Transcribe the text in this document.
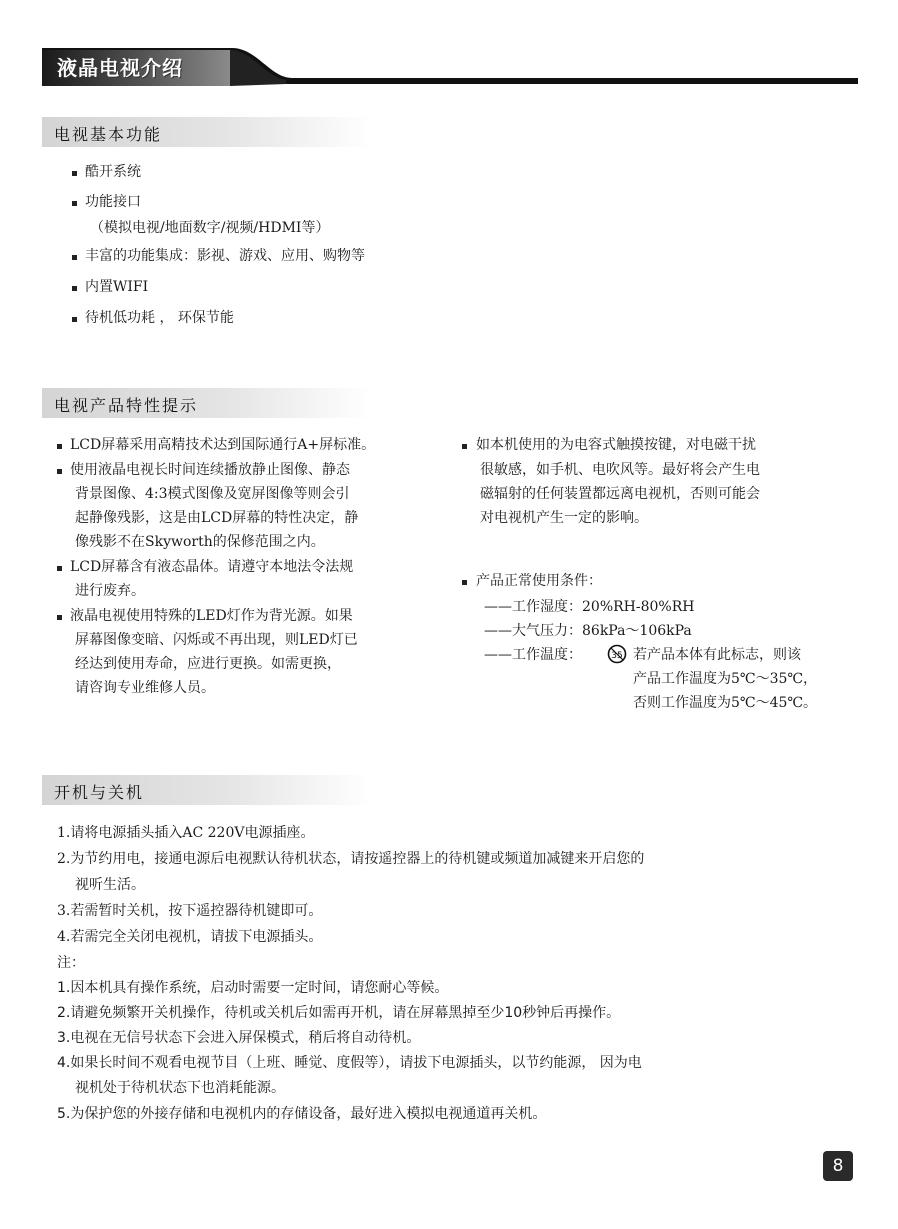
液晶电视介绍
电视基本功能
酷开系统
功能接口
（模拟电视/地面数字/视频/HDMI等）
丰富的功能集成：影视、游戏、应用、购物等
内置WIFI
待机低功耗 ， 环保节能
电视产品特性提示
LCD屏幕采用高精技术达到国际通行A+屏标准。
使用液晶电视长时间连续播放静止图像、静态
背景图像、4:3模式图像及宽屏图像等则会引
起静像残影，这是由LCD屏幕的特性决定，静
像残影不在Skyworth的保修范围之内。
LCD屏幕含有液态晶体。请遵守本地法令法规
进行废弃。
液晶电视使用特殊的LED灯作为背光源。如果
屏幕图像变暗、闪烁或不再出现，则LED灯已
经达到使用寿命，应进行更换。如需更换，
请咨询专业维修人员。
如本机使用的为电容式触摸按键，对电磁干扰
很敏感，如手机、电吹风等。最好将会产生电
磁辐射的任何装置都远离电视机，否则可能会
对电视机产生一定的影响。
产品正常使用条件：
——工作湿度：20%RH-80%RH
——大气压力：86kPa～106kPa
——工作温度：	35 若产品本体有此标志，则该
产品工作温度为5℃～35℃，
否则工作温度为5℃～45℃。
开机与关机
1.请将电源插头插入AC 220V电源插座。
2.为节约用电，接通电源后电视默认待机状态，请按遥控器上的待机键或频道加减键来开启您的
视听生活。
3.若需暂时关机，按下遥控器待机键即可。
4.若需完全关闭电视机，请拔下电源插头。
注：
1.因本机具有操作系统，启动时需要一定时间，请您耐心等候。
2.请避免频繁开关机操作，待机或关机后如需再开机，请在屏幕黑掉至少10秒钟后再操作。
3.电视在无信号状态下会进入屏保模式，稍后将自动待机。
4.如果长时间不观看电视节目（上班、睡觉、度假等），请拔下电源插头，以节约能源， 因为电
视机处于待机状态下也消耗能源。
5.为保护您的外接存储和电视机内的存储设备，最好进入模拟电视通道再关机。
8
